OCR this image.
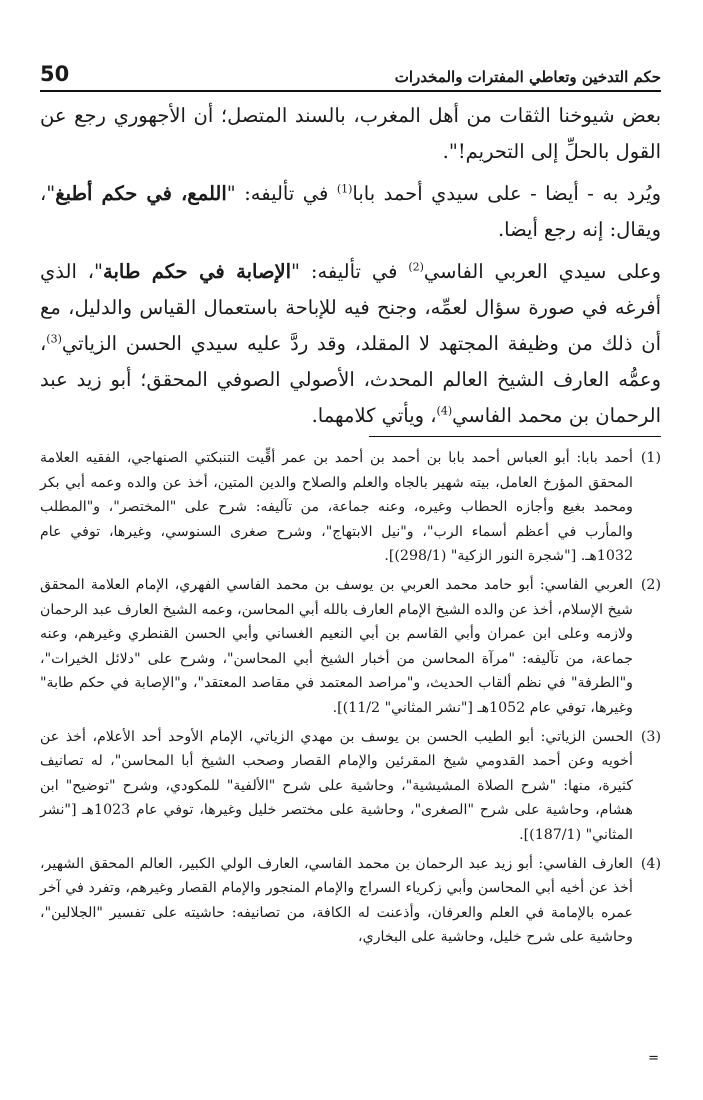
50	حكم التدخين وتعاطي المفترات والمخدرات

بعض شيوخنا الثقات من أهل المغرب، بالسند المتصل؛ أن الأجهوري رجع عن القول بالحلِّ إلى التحريم!".

ويُرد به - أيضا - على سيدي أحمد بابا$^{(1)}$ في تأليفه: "اللمع، في حكم أطبغ"، ويقال: إنه رجع أيضا.

وعلى سيدي العربي الفاسي$^{(2)}$ في تأليفه: "الإصابة في حكم طابة"، الذي أفرغه في صورة سؤال لعمِّه، وجنح فيه للإباحة باستعمال القياس والدليل، مع أن ذلك من وظيفة المجتهد لا المقلد، وقد ردَّ عليه سيدي الحسن الزياتي$^{(3)}$، وعمُّه العارف الشيخ العالم المحدث، الأصولي الصوفي المحقق؛ أبو زيد عبد الرحمان بن محمد الفاسي$^{(4)}$، ويأتي كلامهما.

(1)
أحمد بابا: أبو العباس أحمد بابا بن أحمد بن أحمد بن عمر أقِّيت التنبكتي الصنهاجي، الفقيه العلامة المحقق المؤرخ العامل، بيته شهير بالجاه والعلم والصلاح والدين المتين، أخذ عن والده وعمه أبي بكر ومحمد بغيع وأجازه الحطاب وغيره، وعنه جماعة، من تآليفه: شرح على "المختصر"، و"المطلب والمأرب في أعظم أسماء الرب"، و"نيل الابتهاج"، وشرح صغرى السنوسي، وغيرها، توفي عام 1032هـ. ["شجرة النور الزكية" (298/1)].
(2)
العربي الفاسي: أبو حامد محمد العربي بن يوسف بن محمد الفاسي الفهري، الإمام العلامة المحقق شيخ الإسلام، أخذ عن والده الشيخ الإمام العارف بالله أبي المحاسن، وعمه الشيخ العارف عبد الرحمان ولازمه وعلى ابن عمران وأبي القاسم بن أبي النعيم الغساني وأبي الحسن القنطري وغيرهم، وعنه جماعة، من تآليفه: "مرآة المحاسن من أخبار الشيخ أبي المحاسن"، وشرح على "دلائل الخيرات"، و"الطرفة" في نظم ألقاب الحديث، و"مراصد المعتمد في مقاصد المعتقد"، و"الإصابة في حكم طابة" وغيرها، توفي عام 1052هـ ["نشر المثاني" 11/2)].
(3)
الحسن الزياتي: أبو الطيب الحسن بن يوسف بن مهدي الزياتي، الإمام الأوحد أحد الأعلام، أخذ عن أخويه وعن أحمد القدومي شيخ المقرئين والإمام القصار وصحب الشيخ أبا المحاسن"، له تصانيف كثيرة، منها: "شرح الصلاة المشيشية"، وحاشية على شرح "الألفية" للمكودي، وشرح "توضيح" ابن هشام، وحاشية على شرح "الصغرى"، وحاشية على مختصر خليل وغيرها، توفي عام 1023هـ ["نشر المثاني" (187/1)].
(4)
العارف الفاسي: أبو زيد عبد الرحمان بن محمد الفاسي، العارف الولي الكبير، العالم المحقق الشهير، أخذ عن أخيه أبي المحاسن وأبي زكرياء السراج والإمام المنجور والإمام القصار وغيرهم، وتفرد في آخر عمره بالإمامة في العلم والعرفان، وأذعنت له الكافة، من تصانيفه: حاشيته على تفسير "الجلالين"، وحاشية على شرح خليل، وحاشية على البخاري،
=
